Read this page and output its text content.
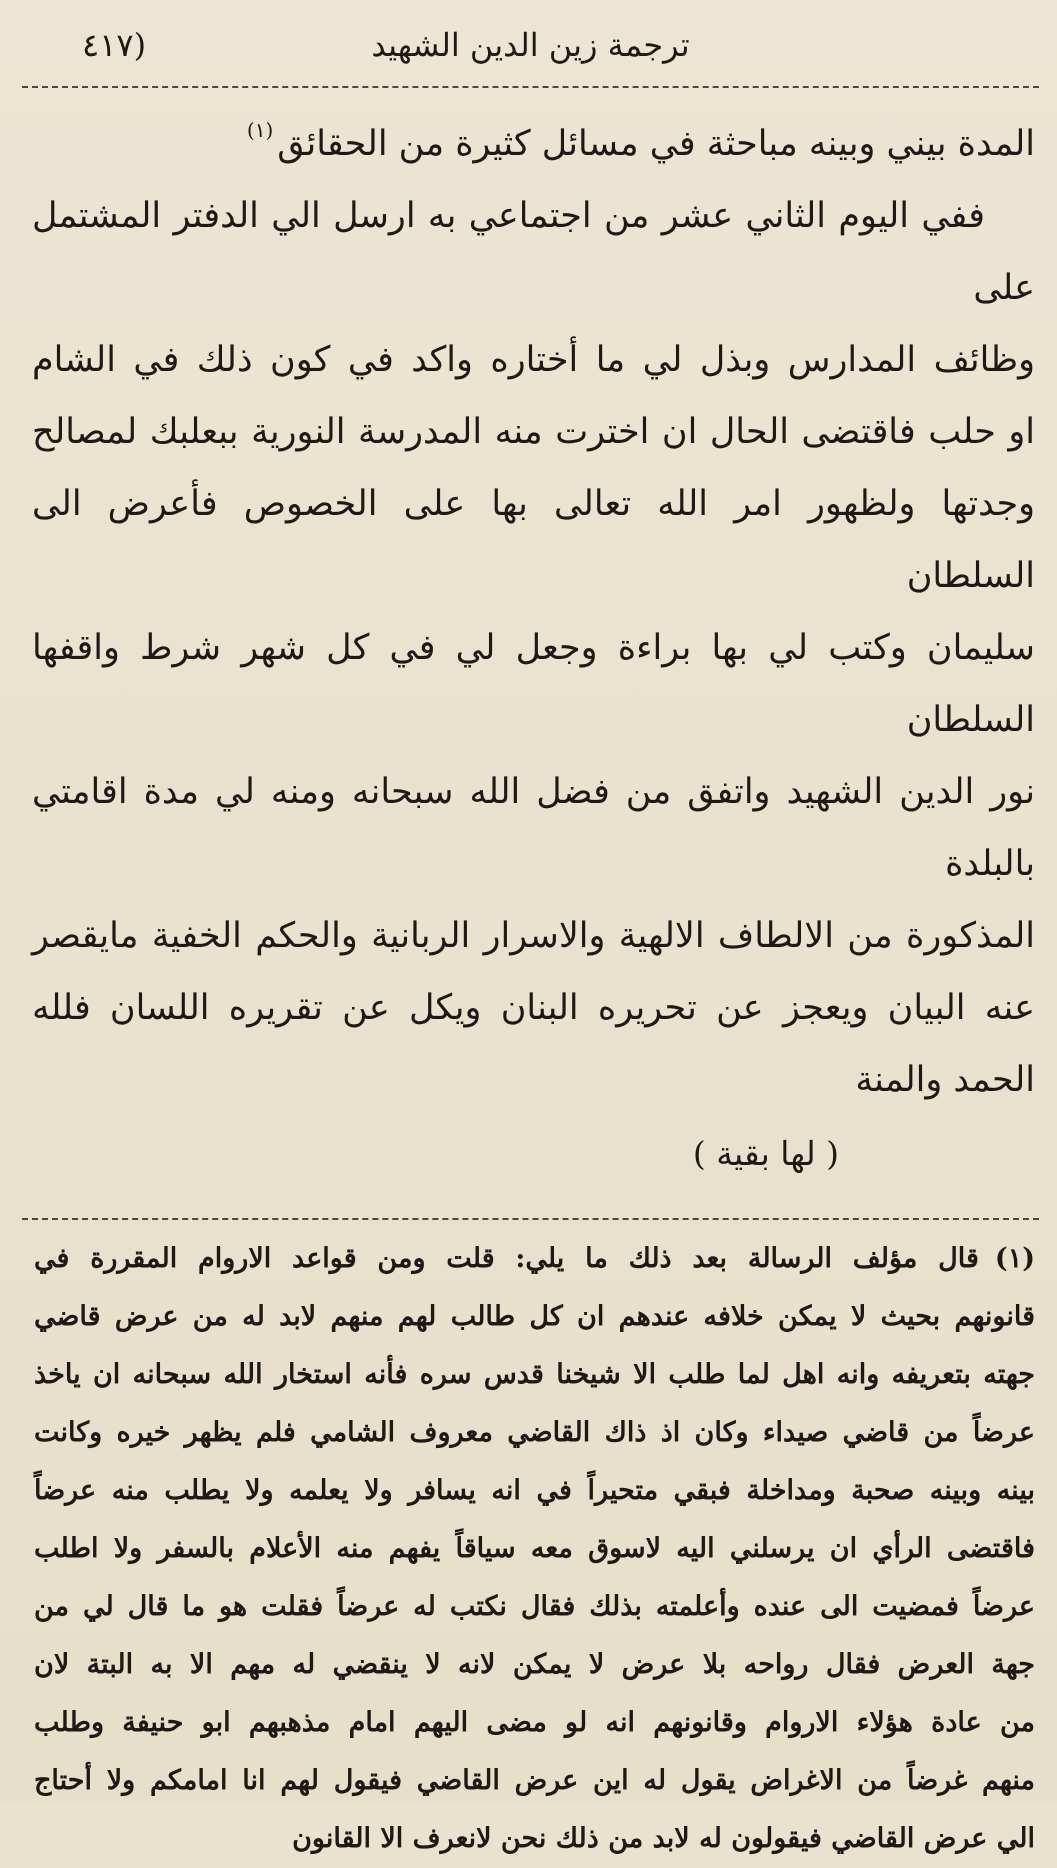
ترجمة زين الدين الشهيد
٤١٧)

المدة بيني وبينه مباحثة في مسائل كثيرة من الحقائق$^{(١)}$

ففي اليوم الثاني عشر من اجتماعي به ارسل الي الدفتر المشتمل على

وظائف المدارس وبذل لي ما أختاره واكد في كون ذلك في الشام

او حلب فاقتضى الحال ان اخترت منه المدرسة النورية ببعلبك لمصالح

وجدتها ولظهور امر الله تعالى بها على الخصوص فأعرض الى السلطان

سليمان وكتب لي بها براءة وجعل لي في كل شهر شرط واقفها السلطان

نور الدين الشهيد واتفق من فضل الله سبحانه ومنه لي مدة اقامتي بالبلدة

المذكورة من الالطاف الالهية والاسرار الربانية والحكم الخفية مايقصر

عنه البيان ويعجز عن تحريره البنان ويكل عن تقريره اللسان فلله الحمد والمنة

( لها بقية )

(١)قال مؤلف الرسالة بعد ذلك ما يلي: قلت ومن قواعد الاروام المقررة في

قانونهم بحيث لا يمكن خلافه عندهم ان كل طالب لهم منهم لابد له من عرض قاضي

جهته بتعريفه وانه اهل لما طلب الا شيخنا قدس سره فأنه استخار الله سبحانه ان ياخذ

عرضاً من قاضي صيداء وكان اذ ذاك القاضي معروف الشامي فلم يظهر خيره وكانت

بينه وبينه صحبة ومداخلة فبقي متحيراً في انه يسافر ولا يعلمه ولا يطلب منه عرضاً

فاقتضى الرأي ان يرسلني اليه لاسوق معه سياقاً يفهم منه الأعلام بالسفر ولا اطلب

عرضاً فمضيت الى عنده وأعلمته بذلك فقال نكتب له عرضاً فقلت هو ما قال لي من

جهة العرض فقال رواحه بلا عرض لا يمكن لانه لا ينقضي له مهم الا به البتة لان

من عادة هؤلاء الاروام وقانونهم انه لو مضى اليهم امام مذهبهم ابو حنيفة وطلب

منهم غرضاً من الاغراض يقول له اين عرض القاضي فيقول لهم انا امامكم ولا أحتاج

الي عرض القاضي فيقولون له لابد من ذلك نحن لانعرف الا القانون
